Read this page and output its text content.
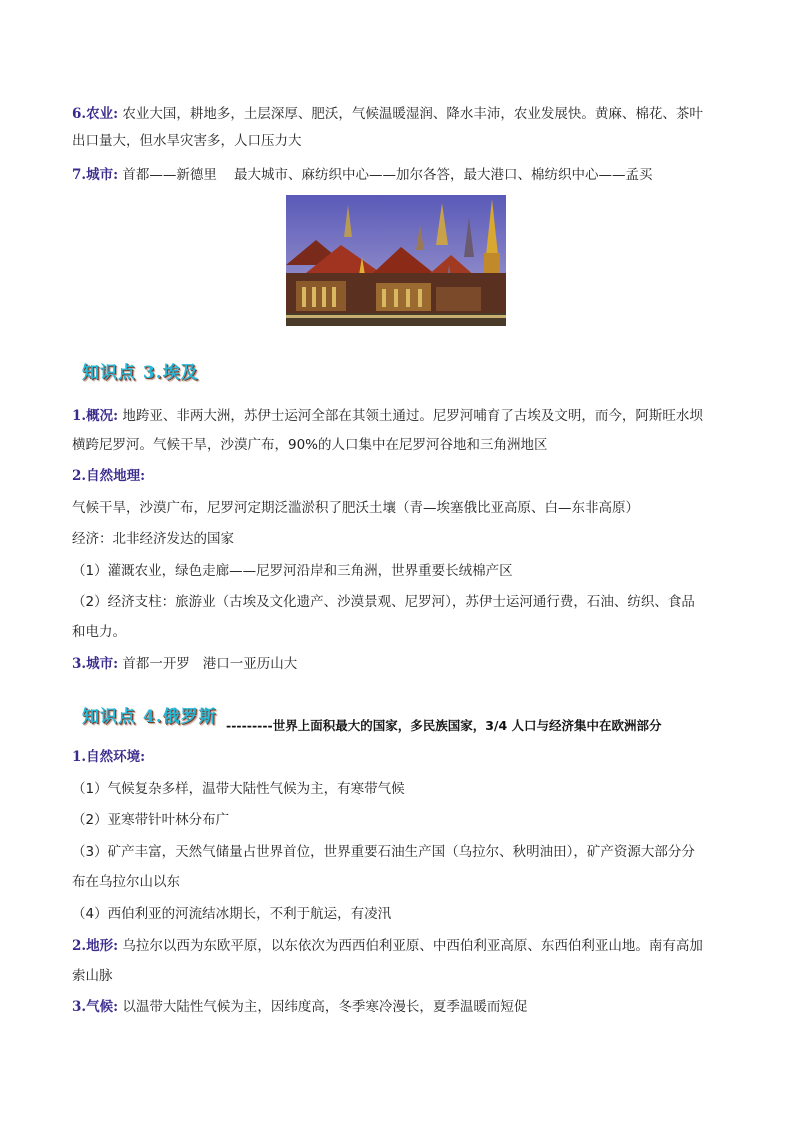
6.农业: 农业大国，耕地多，土层深厚、肥沃，气候温暖湿润、降水丰沛，农业发展快。黄麻、棉花、茶叶
出口量大，但水旱灾害多，人口压力大
7.城市: 首都——新德里    最大城市、麻纺织中心——加尔各答，最大港口、棉纺织中心——孟买
知识点 3.埃及
1.概况: 地跨亚、非两大洲，苏伊士运河全部在其领土通过。尼罗河哺育了古埃及文明，而今，阿斯旺水坝
横跨尼罗河。气候干旱，沙漠广布，90%的人口集中在尼罗河谷地和三角洲地区
2.自然地理:
气候干旱，沙漠广布，尼罗河定期泛滥淤积了肥沃土壤（青—埃塞俄比亚高原、白—东非高原）
经济：北非经济发达的国家
（1）灌溉农业，绿色走廊——尼罗河沿岸和三角洲，世界重要长绒棉产区
（2）经济支柱：旅游业（古埃及文化遗产、沙漠景观、尼罗河），苏伊士运河通行费，石油、纺织、食品
和电力。
3.城市: 首都一开罗   港口一亚历山大
知识点 4.俄罗斯 ---------世界上面积最大的国家，多民族国家，3/4 人口与经济集中在欧洲部分
1.自然环境:
（1）气候复杂多样，温带大陆性气候为主，有寒带气候
（2）亚寒带针叶林分布广
（3）矿产丰富，天然气储量占世界首位，世界重要石油生产国（乌拉尔、秋明油田），矿产资源大部分分
布在乌拉尔山以东
（4）西伯利亚的河流结冰期长，不利于航运，有凌汛
2.地形: 乌拉尔以西为东欧平原，以东依次为西西伯利亚原、中西伯利亚高原、东西伯利亚山地。南有高加
索山脉
3.气候: 以温带大陆性气候为主，因纬度高，冬季寒冷漫长，夏季温暖而短促
